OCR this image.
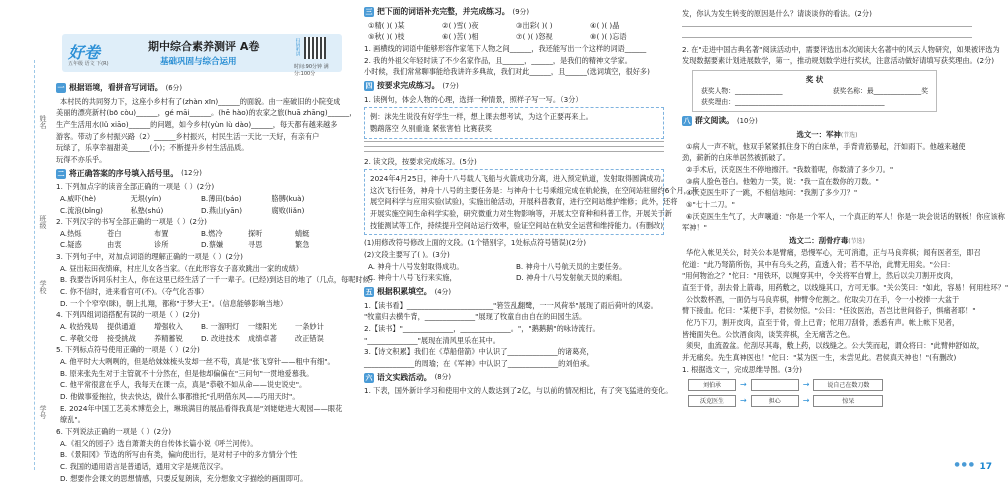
姓名
班级
学校
学号
好卷
五年级 语文 下(R)
期中综合素养测评 A卷
基础巩固与综合运用
扫码听讲
时间:90分钟 满分:100分
一 根据语境，看拼音写词语。 (6分)
本村民的共同努力下，这座小乡村有了(zhàn xīn)______的面貌。由一座破旧的小院变成
美丽的漂亮新村(bō còu)______，gé māi______。(hē hào)的农家之旅(huā zhāng)______，
生产生活用水(lǔ xiāo)______的问题，如今乡村(yùn lù dào)______，每天都有越来越多
游客。带动了乡村振兴路（2）______乡村振兴，村民生活一天比一天好，有亲有户
玩绿了，乐享幸福甜美______(小)；不断提升乡村生活品质。
玩得不亦乐乎。
二 将正确答案的序号填入括号里。 (12分)
1. 下列加点字的读音全部正确的一项是（ ）(2分)
A.威吓(hè)	无垠(yín)	B.薄田(báo)	胳膊(kuà)
C.流浪(bǐng)	私塾(shú)	D.燕山(yān)	腐败(liǎn)
2. 下列汉字的书写全部正确的一项是（ ）(2分)
A.热烁	苍白	布置	B.燃冷	探听	蜻蜓
C.疑惑	由衷	诊所	D.蔡嫌	寻思	繁急
3. 下列句子中，对加点词语的理解正确的一项是（ ）(2分)
A. 昼出耘田夜绩麻，村庄儿女各当家。（在此形容女子喜欢跳出一家的成绩）
B. 我要告诉同乐村主人，你在这里已经生活了一千一辈子。(已经)到达目的地了（几点，每呢时候）
C. 你不信时，进来看官可(不)。（夺气化否事）
D. 一个个窄窄(眯)，朝上扎翔，都称"于梦大王"。（信息能够影响当地）
4. 下列四组词语搭配有误的一项是（ ）(2分)
A. 收拾残局	提供通道	增强收入	B. 一溜明灯	一缕阳光	一条妙计
C. 孝敬父母	接受挑战	养精蓄锐	D. 改进技术	成绩卓著	改正错误
5. 下列标点符号使用正确的一项是（ ）(2分)
A. 他平时大大咧咧的，但是给妹妹梳头发却一丝不苟，真是"张飞穿针——粗中有细"。
B. 原来张先生对于主管就不十分然在，但是他却偏偏在"三问句"一贯地爱慕我。
C. 他平常很意在乎人，我每天在课一点，真是"恭敬不如从命——说史说史"。
D. 他做事爱拖拉，快去快达，做什么事都推托"孔明借东风——巧用天时"。
E. 2024年中国工艺美术博览会上，琳琅满目的展品看得我真是"刘姥姥进大观园——眼花
缭乱"。
6. 下列说法正确的一项是（ ）(2分)
A.《祖父的园子》选自萧萧夫的自传体长篇小说《呼兰河传》。
B.《景阳冈》节选的所写由有类，偏向使出行，是对村子中的多方情分个性
C. 我国的通用语言是普通话，通用文字是规范汉字。
D. 想要作会课文的思想情感，只要反复朗读，充分想象文字描绘的画面即可。
三 把下面的词语补充完整，并完成练习。 (9分)
①精( )( )某	②( )雪( )夜	③出彩( )( )	④( )( )晶
⑤秋( )( )枝	⑥( )苦( )相	⑦( )( )怒视	⑧( )( )忘语
1. 画横线的词语中能够形容作家笔下人物之间______，我还能写出一个这样的词语______
2. 我的外祖父年轻时读了不少名家作品，且______，______，是我们的精神文学家。
小时候，我们常常聊事能给我讲许多典故，我们对此______，且______(选词填空，很好多)
四 按要求完成练习。 (7分)
1. 读例句，体会人物的心理，选择一种情景，照样子写一写。（3分）
例：沫先生说没有好学生一样，想上课去想考试，为这个正要再来上。
鹦鹉落空 久别重逢 紧张害怕 比赛获奖
2. 读文段，按要求完成练习。(5分)
2024年4月25日，神舟十八号载人飞船与火箭成功分离，进入预定轨道，发射取得圆满成功。
这次飞行任务，神舟十八号的主要任务是：与神舟十七号乘组完成在轨轮换，在空间站驻留约6个月，开
展空间科学与应用实验(试验)，实施出舱活动，开展科普教育，进行空间站维护维修；此外，还将
开展实施空间生命科学实验，研究微重力对生物影响等，开展太空育种和科普工作，开展关于新
技能测试等工作，持续提升空间站运行效率，验证空间站在轨安全运营和维持能力。(有删改)
(1)用修改符号修改上面的文段。(1个错别字，1处标点符号错误)(2分)
(2)文段主要写了( )。(3分)
A. 神舟十八号发射取得成功。	B. 神舟十八号航天员的主要任务。
C. 神舟十八号飞行来实施，	D. 神舟十八号发射航天员的乘组。
五 根据积累填空。 (4分)
1.【读书看】________________________"箬笠乱翻鹭，一一风荷举"展现了雨后荷叶的风姿。
"牧童归去横牛背，______________"展现了牧童自由自在的田园生活。
2.【读书】"______________，______________。"，"鹅鹅鹅"的咏诗流行。
"______________"展现在清风里乐在其中。
3.【诗文积累】我们在《草船借箭》中认识了______________的诸葛亮，
______________的周瑜；在《军神》中认识了______________的刘伯承。
六 语文实践活动。 (8分)
1. 下表，国外新计学习和使用中文的人数达到了2亿，与以前的情况相比，有了突飞猛进的变化。
发，你认为发生转变的原因是什么？请谈谈你的看法。(2分)
2. 在"走进中国古典名著"阅读活动中，需要评选出本次阅读大名著中的风云人物研究，如果被评选为
发现数据要素计划进展数学，第一，推动规划数学进行奖状，注意活动做好请填写获奖理由。(2分)
奖 状
获奖人物：______________	获奖名称：最______________奖
获奖理由：____________________________________________
八 群文阅读。 (10分)
选文一：军神(节选)
①病人一声不吭，他双手紧紧抓住身下的白床单，手背青筋暴起，汗如雨下。他越来越使
劲，薪新的白床单居然被抓破了。
②手术后，沃克医生不停地擦汗。"我数着呢，你数清了多少刀。"
③病人脸色苍白。他勉力一笑，说："我一直在数你的刀数。"
④沃克医生吓了一跳，不相信地问："我割了多少刀？"
⑤"七十二刀。"
⑥沃克医生生气了，大声嚷道："你是一个军人，一个真正的军人！你是一块会说话的钢板！你应该称
军神！"
选文二：刮骨疗毒(节选)
华佗入帐见关公，时关公本是臂痛，恐慢军心，无可消遣，正与马良弈棋；闻有医者至，即召
佗道："此乃弩箭所伤，其中有乌头之药，直透入骨；若不早治，此臂无用矣。"公曰：
"用何物治之？"佗曰："用铁环，以绳穿其中，令关将军自臂上，然后以尖刀割开皮肉，
直至于骨，刮去骨上箭毒，用药敷之，以线缝其口，方可无事。"关公笑曰："如此，容易！何用柱环？"
公饮数杯酒，一面仍与马良弈棋，伸臂令佗割之。佗取尖刀在手，令一小校捧一大盆于
臂下接血。佗曰："某便下手，君侯勿惊。"公曰："任汝医治，吾岂比世间俗子，惧痛者耶！"
佗乃下刀，割开皮肉，直至于骨，骨上已青；佗用刀刮骨，悉悉有声。帐上帐下见者，
皆掩面失色。公饮酒食肉，谈笑弈棋，全无痛苦之色。
须臾，血流盈盆。佗刮尽其毒，敷上药，以线缝之。公大笑而起，谓众将曰："此臂伸舒如故，
并无痛矣。先生真神医也！"佗曰："某为医一生，未尝见此。君侯真天神也！"(有删改)
1. 根据选文一，完成思维导图。(3分)
刘伯承	→	→	说自己在数刀数
沃克医生	→	担心	→	惊呆
● ● ● 17
